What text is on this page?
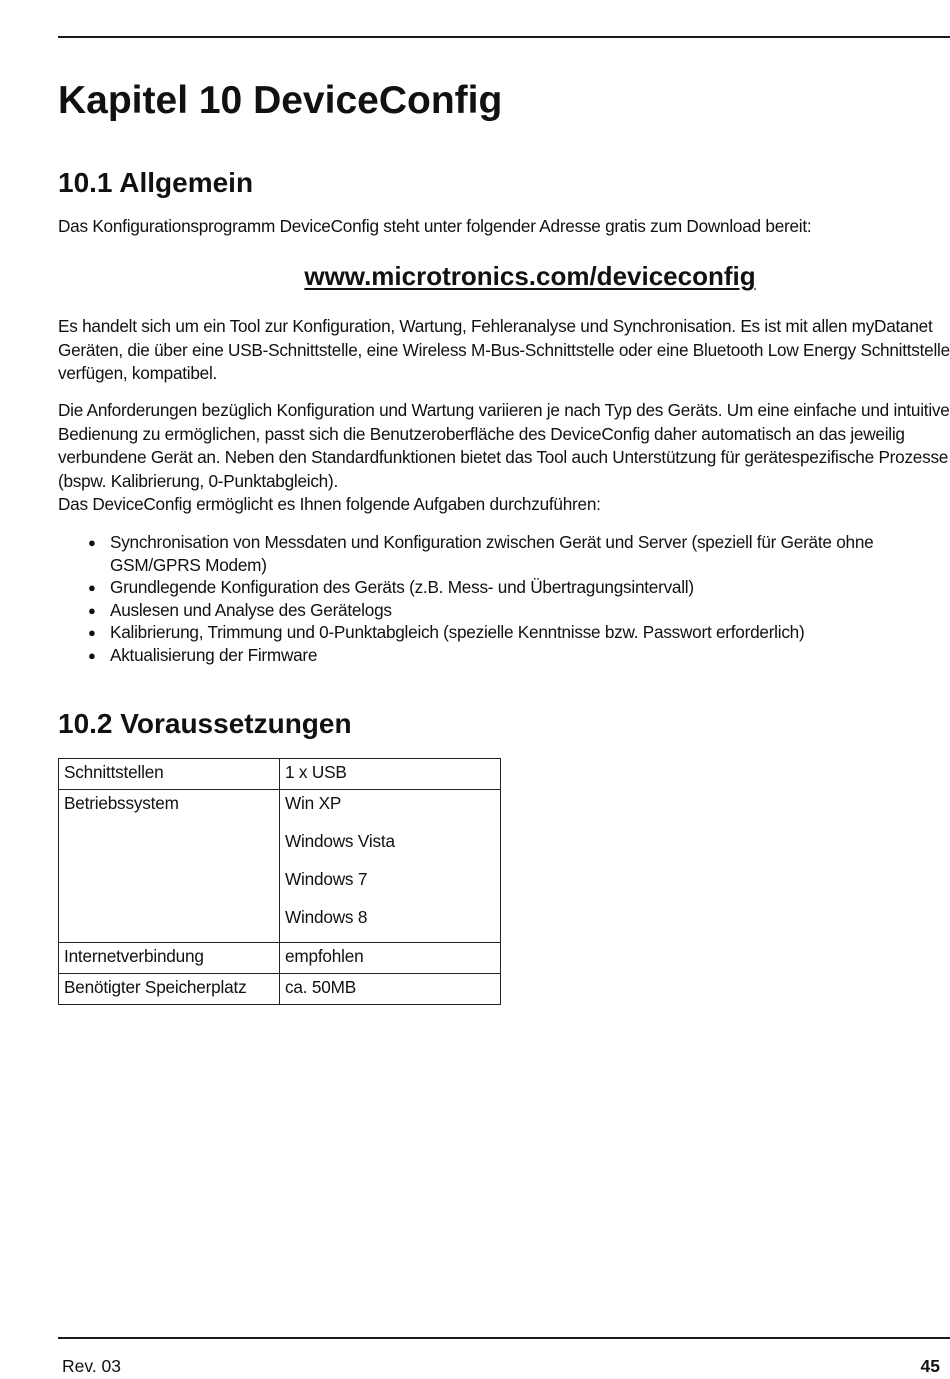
Kapitel 10 DeviceConfig
10.1 Allgemein

Das Konfigurationsprogramm DeviceConfig steht unter folgender Adresse gratis zum Download bereit:

www.microtronics.com/deviceconfig

Es handelt sich um ein Tool zur Konfiguration, Wartung, Fehleranalyse und Synchronisation. Es ist mit allen myDatanet Geräten, die über eine USB-Schnittstelle, eine Wireless M-Bus-Schnittstelle oder eine Bluetooth Low Energy Schnittstelle verfügen, kompatibel.

Die Anforderungen bezüglich Konfiguration und Wartung variieren je nach Typ des Geräts. Um eine einfache und intuitive Bedienung zu ermöglichen, passt sich die Benutzeroberfläche des DeviceConfig daher automatisch an das jeweilig verbundene Gerät an. Neben den Standardfunktionen bietet das Tool auch Unterstützung für gerätespezifische Prozesse (bspw. Kalibrierung, 0-Punktabgleich).
Das DeviceConfig ermöglicht es Ihnen folgende Aufgaben durchzuführen:
● Synchronisation von Messdaten und Konfiguration zwischen Gerät und Server (speziell für Geräte ohne GSM/GPRS Modem)
● Grundlegende Konfiguration des Geräts (z.B. Mess- und Übertragungsintervall)
● Auslesen und Analyse des Gerätelogs
● Kalibrierung, Trimmung und 0-Punktabgleich (spezielle Kenntnisse bzw. Passwort erforderlich)
● Aktualisierung der Firmware
10.2 Voraussetzungen
Schnittstellen	1 x USB
Betriebssystem	Win XP
Windows Vista
Windows 7
Windows 8

Internetverbindung	empfohlen
Benötigter Speicherplatz	ca. 50MB
Rev. 03	45
